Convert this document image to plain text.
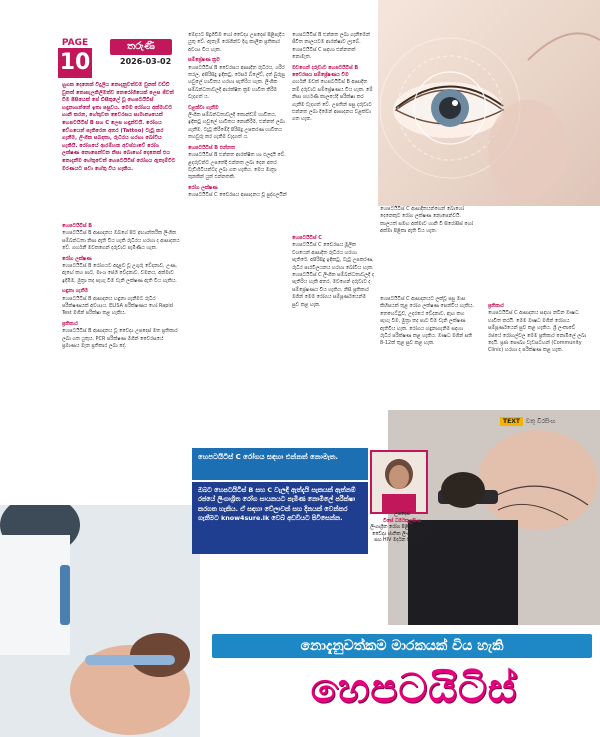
PAGE
10
තරුණී
2026-03-02
හුගක දෙනෙක් විදුලිය නොදැනුවත්වම වුනත් වඩ්ඩි වුනත් නොසැලකිලිමත්ව නෙරෝගියෙක් ලෙස ජීවත් වීම පීසියෙක් සේ ඩිසීකුලේ වූ හෙපටයිටිස් හඳුනාගන්නේ ඉතා පසුවය. මෙම රෝගය අක්මාවට හානි කරන, හේතුවන වෛරසය සාමාන්‍යයෙන් හෙපටයිටිස් B සහ C ලෙස හඳුන්වයි. රෝගය වේගයෙන් පැතිරෙන අතර (Tattoo) ටැටූ කර ගැනීම, ලිංගික සබඳතා, රුධිරය හරහා බෝවිය හැකියි. රෝගයේ ආරම්භක අවස්ථාවේ රෝග ලක්ෂණ නොපෙන්වන නිසා බොහෝ දෙනෙක් එය නොදැනීම හේතුවෙන් හෙපටයිටිස් රෝගය ඇතැම්විට මරණයට පවා හේතු විය හැකිය.
හෙපටයිටිස් B

හෙපටයිටිස් B ආසාදනය ඔබගේ පිට අභ්‍යන්තරීක ලිංගික සම්බන්ධතා නිසා ඇති විය හැකි රුධිරය හරහා ද ආසාදනය වේ. ගර්භනී මවකගෙන් දරුවාට පැමිණිය හැක.

රෝග ලක්ෂණ

හෙපටයිටිස් B රෝගයට අදාළව වූ උගුරු වේදනාව, උණ, ඇඟේ කහ පාට, මාංශ පේශි වේදනාව, වමනය, අක්මාව ඉදිමීම, මුත්‍රා තද පැහැ වීම වැනි ලක්ෂණ ඇති විය හැකිය.

හඳුනා ගැනීම

හෙපටයිටිස් B ආසාදනය හඳුනා ගැනීමට රුධිර පරීක්ෂණයක් අවශ්‍යය. ELISA පරීක්ෂණය හෝ Rapid Test මගින් පරීක්ෂා කළ හැකිය.

ප්‍රතිකාර

හෙපටයිටිස් B ආසාදනය වූ වෛද්‍ය උපදෙස් මත ප්‍රතිකාර ලබා ගත යුතුය. PCR පරීක්ෂණ මගින් වෛරසයේ ප්‍රමාණය මැන ප්‍රතිකාර ලබා දේ.

මේදයට පිදුගිවීම හෝ වෛද්‍ය උපදෙස් පිළිපැදිය යුතු වේ. ඇතැම් රෝගීන්ට දිගු කාලීන ප්‍රතිකාර අවශ්‍ය විය හැක.

සම්ප්‍රේෂණ ක්‍රම

හෙපටයිටිස් B වෛරසය ආසාදිත රුධිරය, ශරීර තරල, අපිරිසිදු ඉඳිකටු, රේසර් බ්ලේඩ්, දත් බුරුසු හවුලේ භාවිතය හරහා පැතිරිය හැක. ලිංගික සම්බන්ධතාවලදී ආරක්ෂිත ක්‍රම භාවිත කිරීම වැදගත් ය.

වළක්වා ගැනීම

ලිංගික සම්බන්ධතාවලදී කොන්ඩම් භාවිතය, ඉඳිකටු හවුලේ භාවිතය නොකිරීම, එන්නත් ලබා ගැනීම, ටැටූ කිරීමේදී පිරිසිදු උපකරණ භාවිතය තහවුරු කර ගැනීම වැදගත් ය.

හෙපටයිටිස් B එන්නත

හෙපටයිටිස් B එන්නත ආරක්ෂිත හා ඵලදායී වේ. ළදරුවන්ට උපතේදී එන්නත ලබා දෙන අතර වැඩිහිටියන්ටද ලබා ගත හැකිය. මෙය මාත්‍රා තුනකින් යුත් එන්නතකි.

රෝග ලක්ෂණ

හෙපටයිටිස් C වෛරසය ආසාදනය වූ පුද්ගලයින්

හෙපටයිටිස් B එන්නත ලබා ගැනීමෙන් ජීවිත කාලයටම ආරක්ෂාව ලැබේ. හෙපටයිටිස් C සඳහා එන්නතක් නොමැත.

මවගෙන් දරුවාට හෙපටයිටිස් B වෛරසය සම්ප්‍රේෂණය වීම

ගර්භනී මවක් හෙපටයිටිස් B ආසාදිත නම් දරුවාට සම්ප්‍රේෂණය විය හැක. මේ නිසා ගර්භණී කාලයේදී පරීක්ෂා කර ගැනීම වැදගත් වේ. උපතින් පසු දරුවාට එන්නත ලබා දීමෙන් ආසාදනය වළක්වා ගත හැක.

හෙපටයිටිස් C

හෙපටයිටිස් C වෛරසය මූලික වශයෙන් ආසාදිත රුධිරය හරහා පැතිරේ. අපිරිසිදු ඉඳිකටු, ටැටූ උපකරණ, රුධිර පාරවිලයනය හරහා බෝවිය හැක. හෙපටයිටිස් C ලිංගික සම්බන්ධතාවලදී ද පැතිරිය හැකි අතර, මවගෙන් දරුවාට ද සම්ප්‍රේෂණය විය හැකිය. නිසි ප්‍රතිකාර මගින් මෙම රෝගය සම්පූර්ණයෙන්ම සුව කළ හැක.

හෙපටයිටිස් C ආසාදිතයන්ගෙන් බොහෝ දෙනෙකුට රෝග ලක්ෂණ නොපෙන්වයි. කාලයත් සමඟ අක්මාව හානි වී සිරෝසිස් හෝ අක්මා පිළිකා ඇති විය හැක.

හෙපටයිටිස් C ආසාදනයට ලක්වූ පසු මාස කිහිපයක් තුළ රෝග ලක්ෂණ පෙන්විය හැකිය. තෙහෙට්ටුව, උදරයේ වේදනාව, ඇඟ කහ පැහැ වීම, මුත්‍රා තද පාට වීම වැනි ලක්ෂණ ඇතිවිය හැක. රෝගය හඳුනාගැනීම සඳහා රුධිර පරීක්ෂණ කළ හැකිය. ඖෂධ මගින් සති 8-12ක් තුළ සුව කළ හැක.

ප්‍රතිකාර

හෙපටයිටිස් C ආසාදනය සඳහා නවීන ඖෂධ භාවිත කරයි. මෙම ඖෂධ මගින් රෝගය සම්පූර්ණයෙන් සුව කළ හැකිය. ශ්‍රී ලංකාවේ රජයේ රෝහල්වල මෙම ප්‍රතිකාර නොමිලේ ලබා දෙයි. ප්‍රජා සෞඛ්‍ය වැඩසටහන් (Community Clinic) හරහා ද පරීක්ෂණ කළ හැක.

TEXT	චතු විරසිංහ
හෙපටයිටිස් C රෝගය සඳහා එන්නත් නොමැත.
ඔබට හෙපටයිටිස් B සහ C වැලඳී ඇත්දැයි සැකයක් ඇත්නම් රජයේ ලිංගාශ්‍රිත රෝග සායනයට පැමිණ නොමිලේ පරීක්ෂා කරගත හැකිය. ඒ සඳහා වේලාවක් සහ දිනයක් වෙන්කර ගැනීමට know4sure.lk වෙබ් අඩවියට පිවිසෙන්න.	උපදෙස්
විසේ ධර්මකුලසිංහ
ලිංගාශ්‍රිත රෝග පිළිබඳ විශේෂඥ වෛද්‍ය ජාතික ලිංගාශ්‍රිත රෝග සහ HIV මර්දන වැඩසටහන
නොදැනුවත්කම මාරකයක් විය හැකි
හෙපටයිටිස්
